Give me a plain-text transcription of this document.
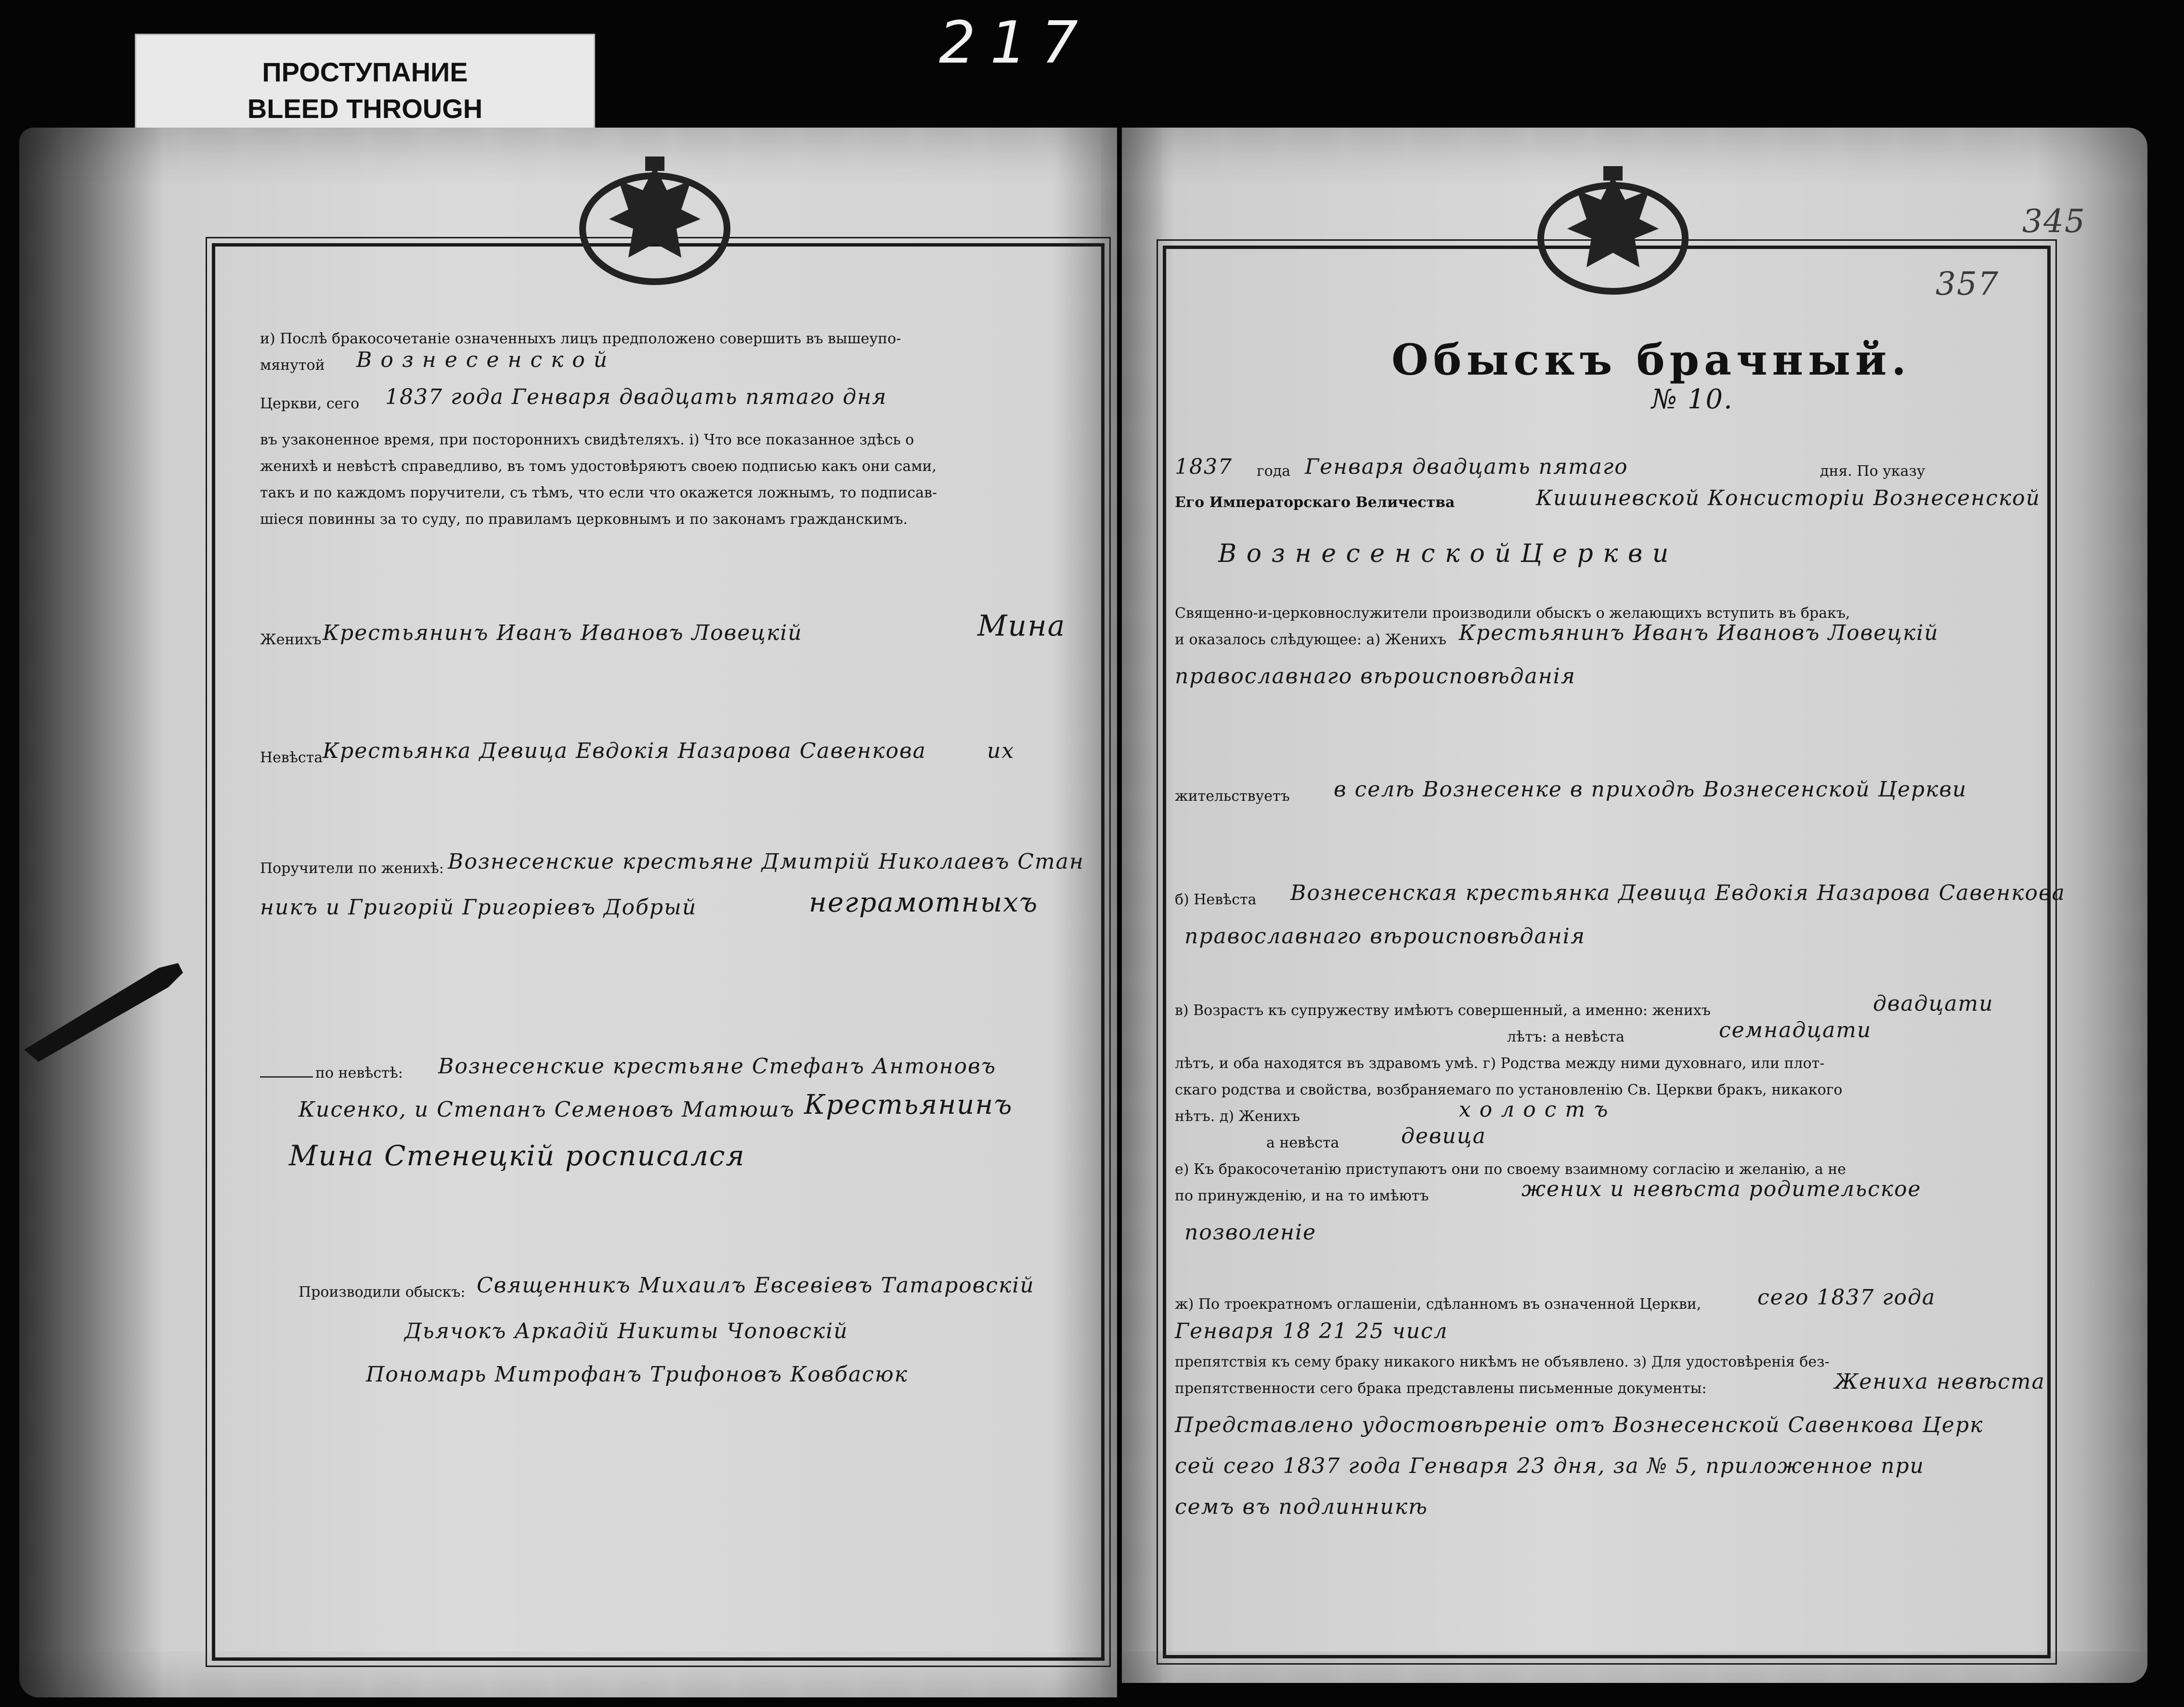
ПРОСТУПАНИЕ
BLEED THROUGH
217
и) Послѣ бракосочетанiе означенныхъ лицъ предположено совершить въ вышеупо-
мянутой В о з н е с е н с к о й
Церкви, сего 1837 года Генваря двадцать пятаго дня
въ узаконенное время, при постороннихъ свидѣтеляхъ. i) Что все показанное здѣсь о
женихѣ и невѣстѣ справедливо, въ томъ удостовѣряютъ своею подписью какъ они сами,
такъ и по каждомъ поручители, съ тѣмъ, что если что окажется ложнымъ, то подписав-
шiеся повинны за то суду, по правиламъ церковнымъ и по законамъ гражданскимъ.
Женихъ Крестьянинъ Иванъ Ивановъ Ловецкiй	Мина
Невѣста Крестьянка Девица Евдокiя Назарова Савенкова	их
Поручители по женихѣ: Вознесенские крестьяне Дмитрiй Николаевъ Стан
никъ и Григорiй Григорiевъ Добрый	неграмотныхъ
по невѣстѣ: Вознесенские крестьяне Стефанъ Антоновъ
Кисенко, и Степанъ Семеновъ Матюшъ Крестьянинъ
Мина Стенецкiй росписался
Производили обыскъ: Священникъ Михаилъ Евсевiевъ Татаровскiй
Дьячокъ Аркадiй Никиты Чоповскiй
Пономарь Митрофанъ Трифоновъ Ковбасюк
345
357
Обыскъ брачный.
№ 10.
1837 года Генваря двадцать пятаго	дня. По указу
Его Императорскаго Величества	Кишиневской Консисторiи Вознесенской
В о з н е с е н с к о й Ц е р к в и
Священно-и-церковнослужители производили обыскъ о желающихъ вступить въ бракъ,
и оказалось слѣдующее: а) Женихъ Крестьянинъ Иванъ Ивановъ Ловецкiй
православнаго вѣроисповѣданiя
жительствуетъ в селѣ Вознесенке в приходѣ Вознесенской Церкви
б) Невѣста Вознесенская крестьянка Девица Евдокiя Назарова Савенкова
православнаго вѣроисповѣданiя
в) Возрастъ къ супружеству имѣютъ совершенный, а именно: женихъ	двадцати
лѣтъ: а невѣста	семнадцати
лѣтъ, и оба находятся въ здравомъ умѣ. г) Родства между ними духовнаго, или плот-
скаго родства и свойства, возбраняемаго по установленiю Св. Церкви бракъ, никакого
нѣтъ. д) Женихъ	х о л о с т ъ
а невѣста	девица
е) Къ бракосочетанiю приступаютъ они по своему взаимному согласiю и желанiю, а не
по принужденiю, и на то имѣютъ	жених и невѣста родительское
позволенiе
ж) По троекратномъ оглашенiи, сдѣланномъ въ означенной Церкви,	сего 1837 года
Генваря 18 21 25 числ
препятствiя къ сему браку никакого никѣмъ не объявлено. з) Для удостовѣренiя без-
препятственности сего брака представлены письменные документы:	Жениха невѣста
Представлено удостовѣренiе отъ Вознесенской Савенкова Церк
сей сего 1837 года Генваря 23 дня, за № 5, приложенное при
семъ въ подлинникѣ
